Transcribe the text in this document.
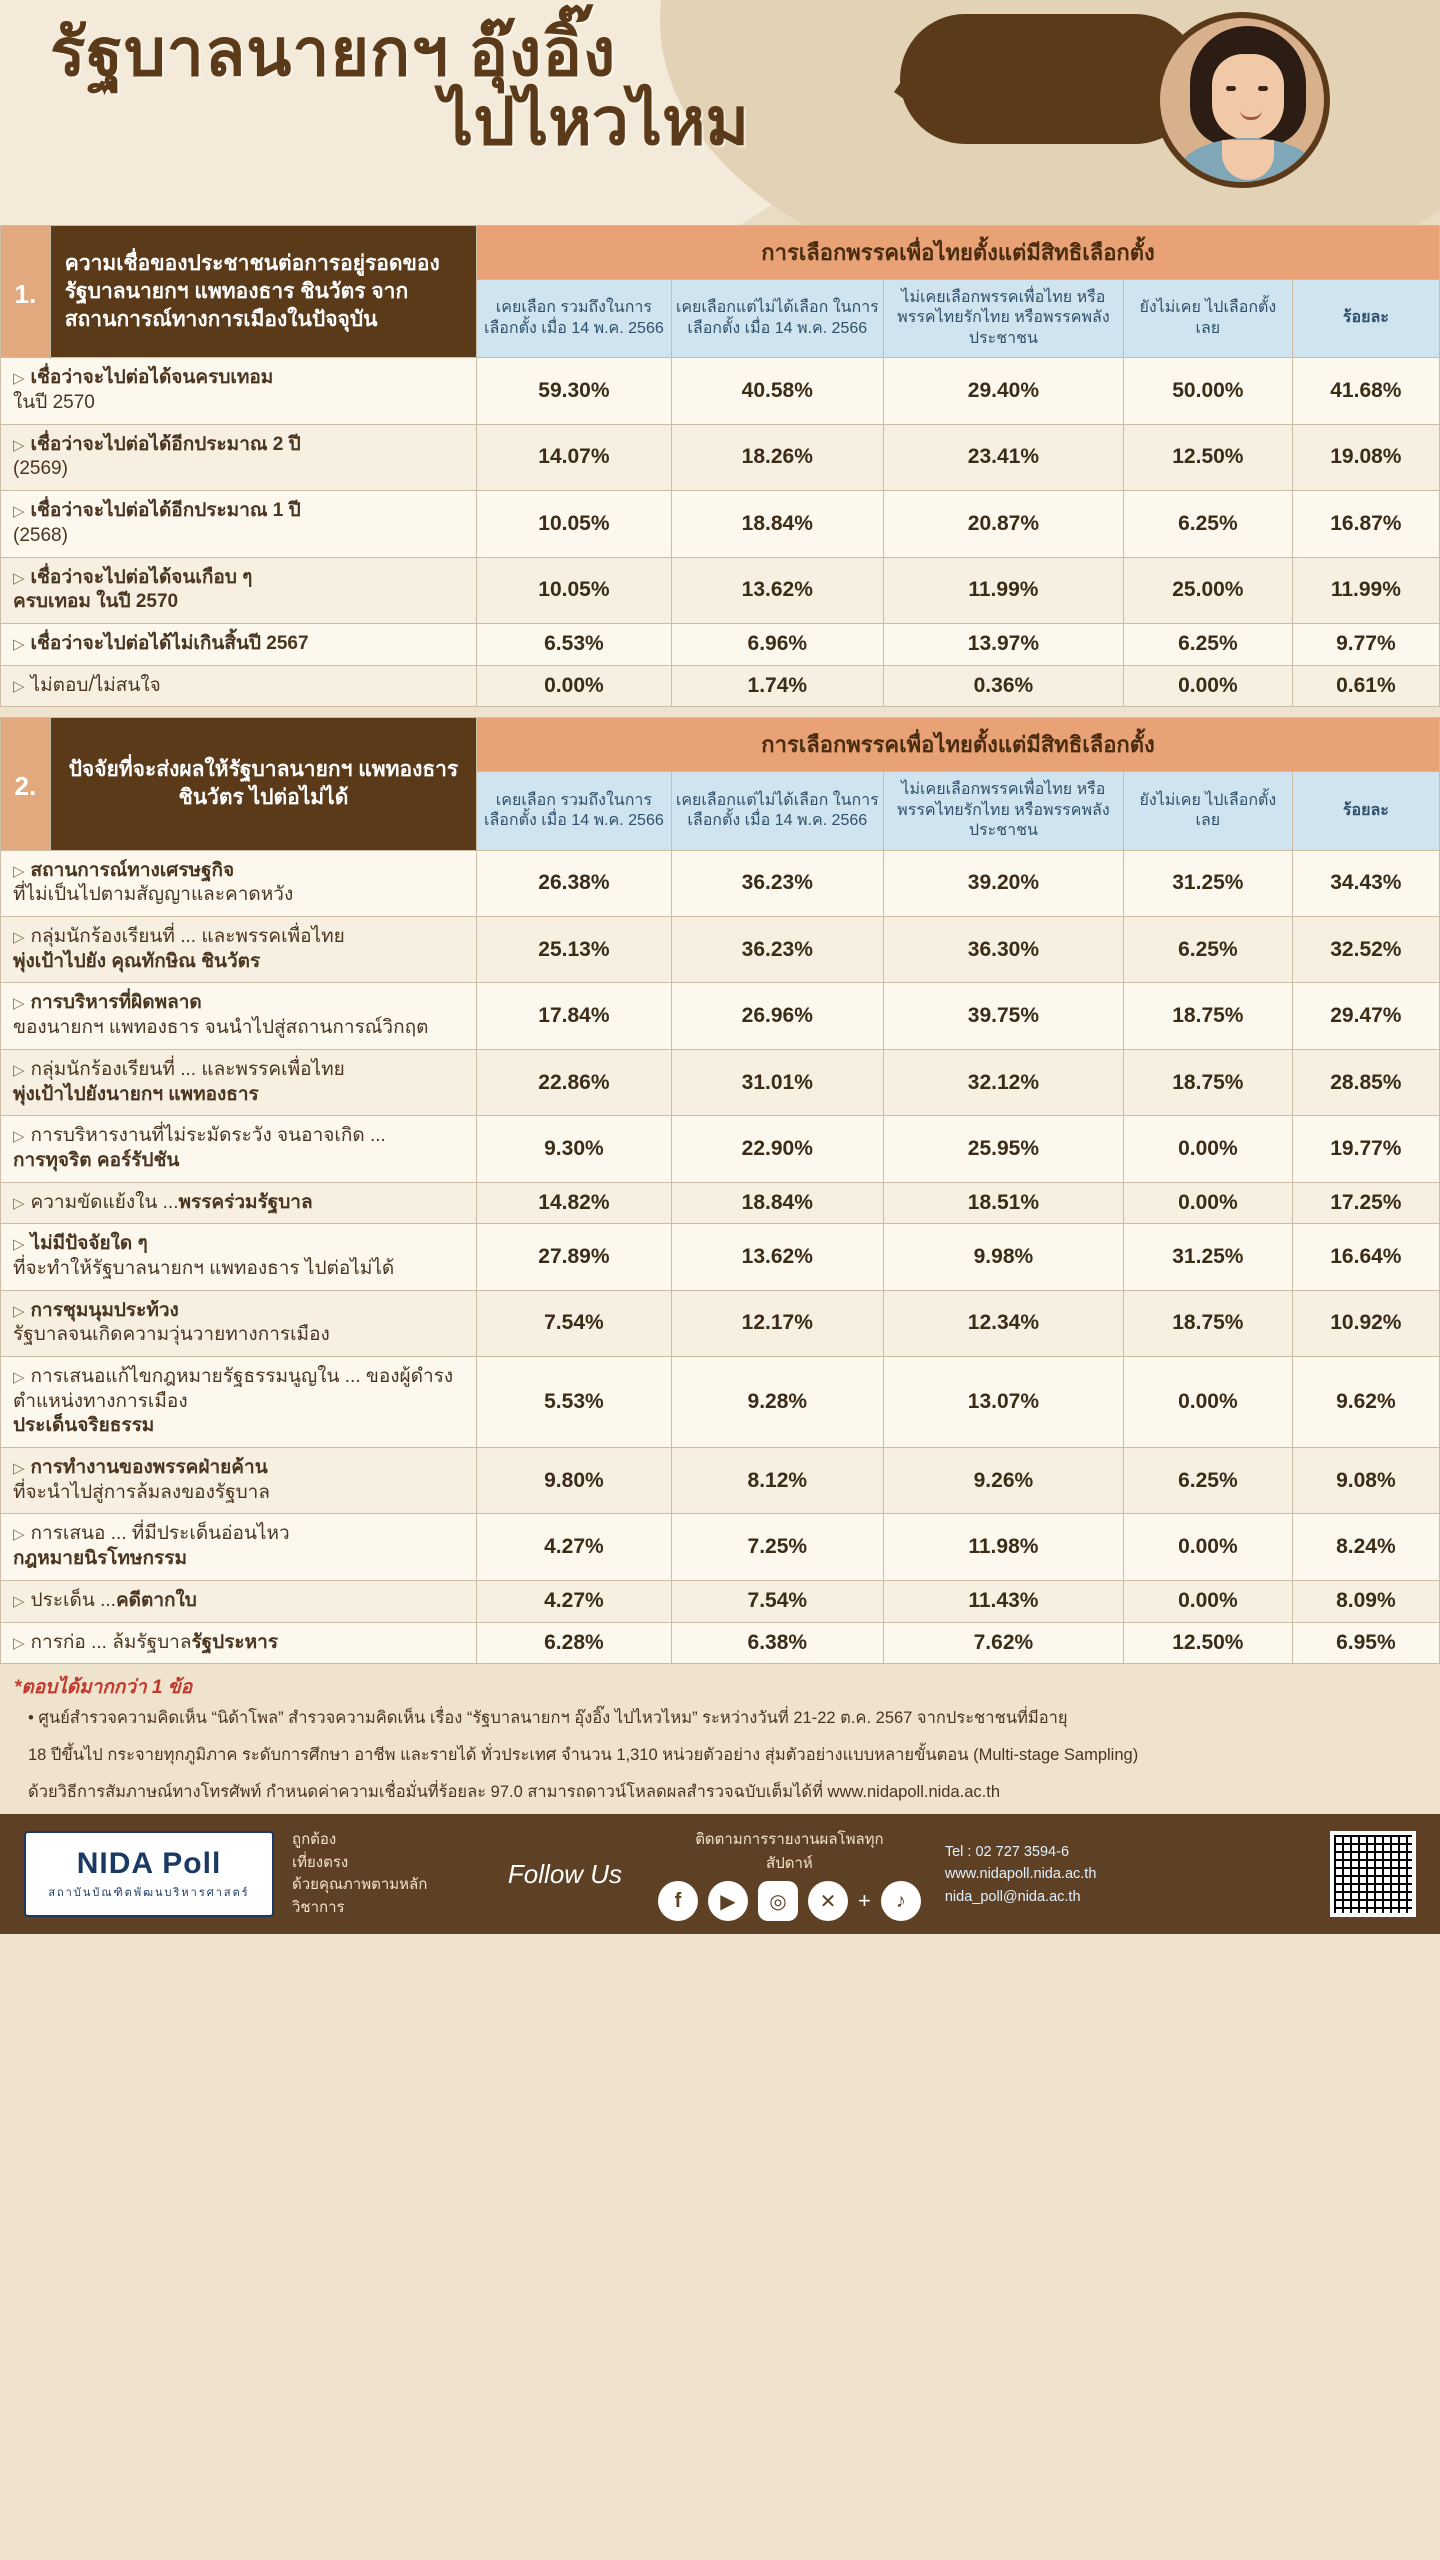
รัฐบาลนายกฯ อุ๊งอิ๊ง
ไปไหวไหม
1.	ความเชื่อของประชาชนต่อการอยู่รอดของรัฐบาลนายกฯ แพทองธาร ชินวัตร จากสถานการณ์ทางการเมืองในปัจจุบัน	การเลือกพรรคเพื่อไทยตั้งแต่มีสิทธิเลือกตั้ง				
		เคยเลือก รวมถึงในการเลือกตั้ง เมื่อ 14 พ.ค. 2566	เคยเลือกแต่ไม่ได้เลือก ในการเลือกตั้ง เมื่อ 14 พ.ค. 2566	ไม่เคยเลือกพรรคเพื่อไทย หรือพรรคไทยรักไทย หรือพรรคพลังประชาชน	ยังไม่เคย ไปเลือกตั้งเลย	ร้อยละ

▷ เชื่อว่าจะไปต่อได้จนครบเทอม
ในปี 2570		59.30%	40.58%	29.40%	50.00%	41.68%
▷ เชื่อว่าจะไปต่อได้อีกประมาณ 2 ปี
(2569)		14.07%	18.26%	23.41%	12.50%	19.08%
▷ เชื่อว่าจะไปต่อได้อีกประมาณ 1 ปี
(2568)		10.05%	18.84%	20.87%	6.25%	16.87%
▷ เชื่อว่าจะไปต่อได้จนเกือบ ๆ
ครบเทอม ในปี 2570		10.05%	13.62%	11.99%	25.00%	11.99%
▷ เชื่อว่าจะไปต่อได้ไม่เกินสิ้นปี 2567		6.53%	6.96%	13.97%	6.25%	9.77%
▷ ไม่ตอบ/ไม่สนใจ		0.00%	1.74%	0.36%	0.00%	0.61%
2.	ปัจจัยที่จะส่งผลให้รัฐบาลนายกฯ แพทองธาร ชินวัตร ไปต่อไม่ได้	การเลือกพรรคเพื่อไทยตั้งแต่มีสิทธิเลือกตั้ง				
		เคยเลือก รวมถึงในการเลือกตั้ง เมื่อ 14 พ.ค. 2566	เคยเลือกแต่ไม่ได้เลือก ในการเลือกตั้ง เมื่อ 14 พ.ค. 2566	ไม่เคยเลือกพรรคเพื่อไทย หรือพรรคไทยรักไทย หรือพรรคพลังประชาชน	ยังไม่เคย ไปเลือกตั้งเลย	ร้อยละ
▷ สถานการณ์ทางเศรษฐกิจ
ที่ไม่เป็นไปตามสัญญาและคาดหวัง		26.38%	36.23%	39.20%	31.25%	34.43%
▷ กลุ่มนักร้องเรียนที่ ... และพรรคเพื่อไทย
พุ่งเป้าไปยัง คุณทักษิณ ชินวัตร		25.13%	36.23%	36.30%	6.25%	32.52%
▷ การบริหารที่ผิดพลาด
ของนายกฯ แพทองธาร จนนำไปสู่สถานการณ์วิกฤต		17.84%	26.96%	39.75%	18.75%	29.47%
▷ กลุ่มนักร้องเรียนที่ ... และพรรคเพื่อไทย
พุ่งเป้าไปยังนายกฯ แพทองธาร		22.86%	31.01%	32.12%	18.75%	28.85%
▷ การบริหารงานที่ไม่ระมัดระวัง จนอาจเกิด ...
การทุจริต คอร์รัปชัน		9.30%	22.90%	25.95%	0.00%	19.77%
▷ ความขัดแย้งใน ...พรรคร่วมรัฐบาล		14.82%	18.84%	18.51%	0.00%	17.25%
▷ ไม่มีปัจจัยใด ๆ
ที่จะทำให้รัฐบาลนายกฯ แพทองธาร ไปต่อไม่ได้		27.89%	13.62%	9.98%	31.25%	16.64%
▷ การชุมนุมประท้วง
รัฐบาลจนเกิดความวุ่นวายทางการเมือง		7.54%	12.17%	12.34%	18.75%	10.92%
▷ การเสนอแก้ไขกฎหมายรัฐธรรมนูญใน ... ของผู้ดำรงตำแหน่งทางการเมือง
ประเด็นจริยธรรม		5.53%	9.28%	13.07%	0.00%	9.62%
▷ การทำงานของพรรคฝ่ายค้าน
ที่จะนำไปสู่การล้มลงของรัฐบาล		9.80%	8.12%	9.26%	6.25%	9.08%
▷ การเสนอ ... ที่มีประเด็นอ่อนไหว
กฎหมายนิรโทษกรรม		4.27%	7.25%	11.98%	0.00%	8.24%
▷ ประเด็น ...คดีตากใบ		4.27%	7.54%	11.43%	0.00%	8.09%
▷ การก่อ ... ล้มรัฐบาลรัฐประหาร		6.28%	6.38%	7.62%	12.50%	6.95%
*ตอบได้มากกว่า 1 ข้อ
• ศูนย์สำรวจความคิดเห็น “นิด้าโพล” สำรวจความคิดเห็น เรื่อง “รัฐบาลนายกฯ อุ๊งอิ๊ง ไปไหวไหม” ระหว่างวันที่ 21-22 ต.ค. 2567 จากประชาชนที่มีอายุ
18 ปีขึ้นไป กระจายทุกภูมิภาค ระดับการศึกษา อาชีพ และรายได้ ทั่วประเทศ จำนวน 1,310 หน่วยตัวอย่าง สุ่มตัวอย่างแบบหลายขั้นตอน (Multi-stage Sampling)
ด้วยวิธีการสัมภาษณ์ทางโทรศัพท์ กำหนดค่าความเชื่อมั่นที่ร้อยละ 97.0 สามารถดาวน์โหลดผลสำรวจฉบับเต็มได้ที่ www.nidapoll.nida.ac.th
NIDA Poll
สถาบันบัณฑิตพัฒนบริหารศาสตร์
ถูกต้อง
เที่ยงตรง
ด้วยคุณภาพตามหลักวิชาการ
Follow Us
ติดตามการรายงานผลโพลทุกสัปดาห์
f	▶	◎	✕ +	♪
Tel : 02 727 3594-6
www.nidapoll.nida.ac.th
nida_poll@nida.ac.th
